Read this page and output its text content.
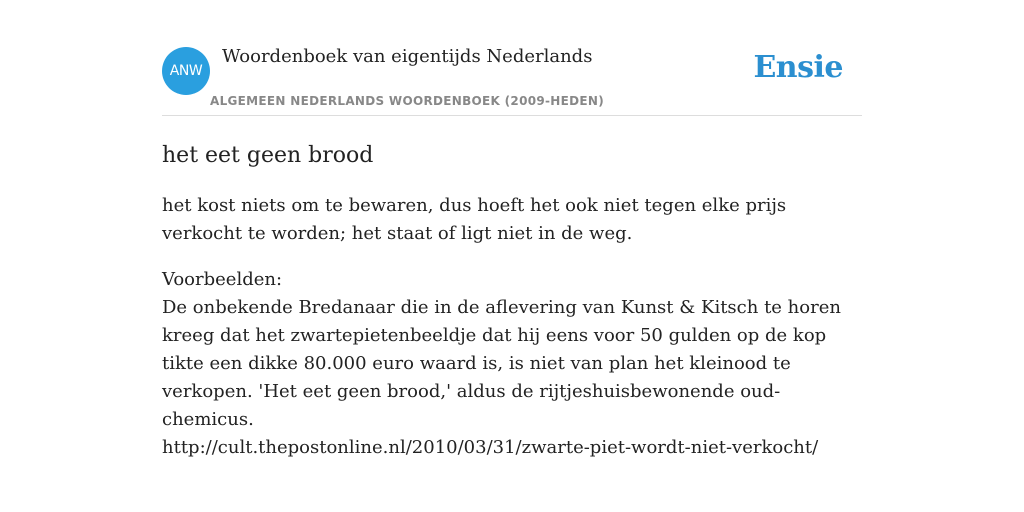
ANW
Woordenboek van eigentijds Nederlands
ALGEMEEN NEDERLANDS WOORDENBOEK (2009-HEDEN)
Ensie
het eet geen brood

het kost niets om te bewaren, dus hoeft het ook niet tegen elke prijs verkocht te worden; het staat of ligt niet in de weg.

Voorbeelden:

De onbekende Bredanaar die in de aflevering van Kunst & Kitsch te horen kreeg dat het zwartepietenbeeldje dat hij eens voor 50 gulden op de kop tikte een dikke 80.000 euro waard is, is niet van plan het kleinood te verkopen. 'Het eet geen brood,' aldus de rijtjeshuisbewonende oud-chemicus.

http://cult.thepostonline.nl/2010/03/31/zwarte-piet-wordt-niet-verkocht/
